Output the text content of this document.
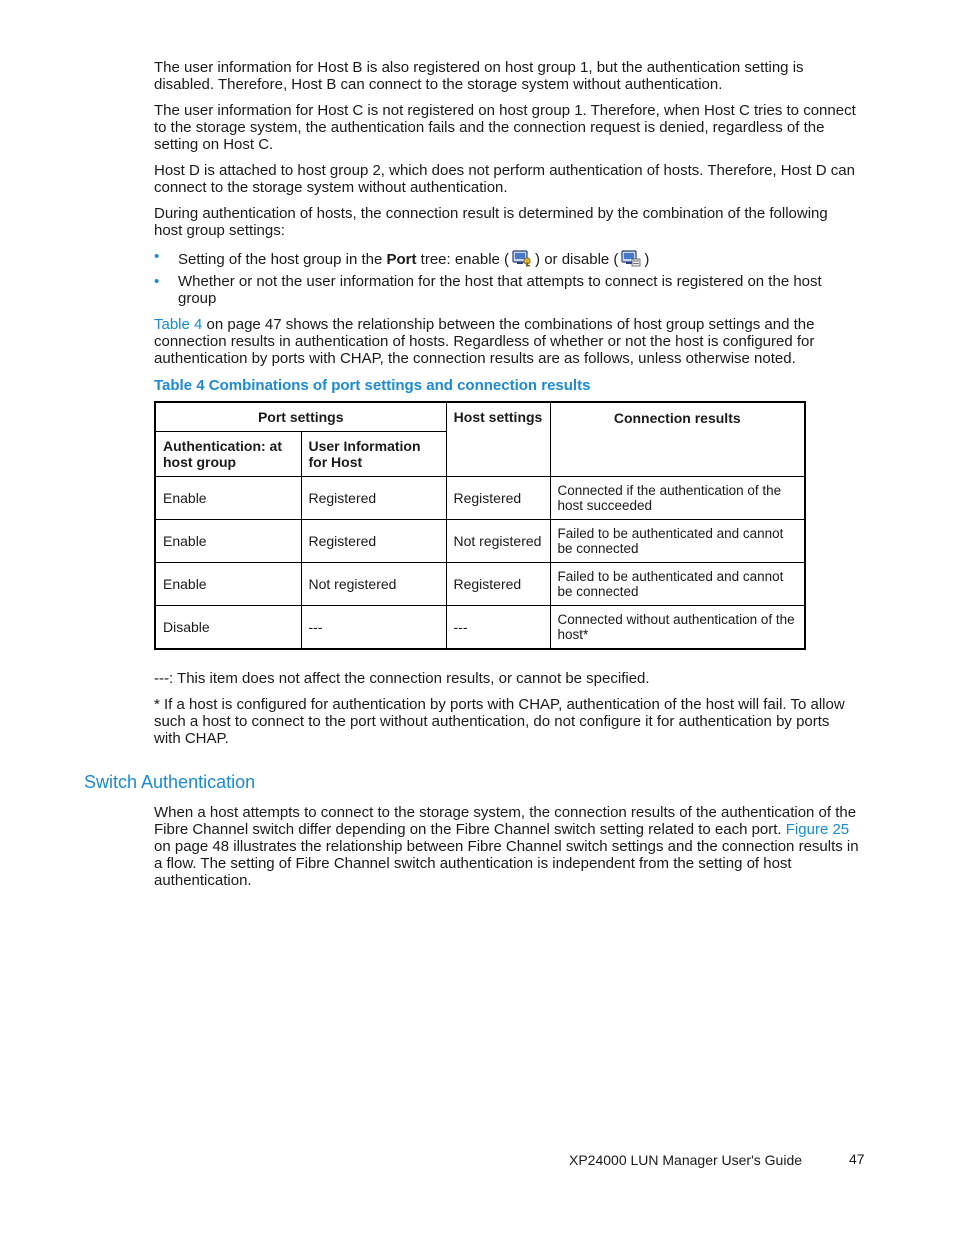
The user information for Host B is also registered on host group 1, but the authentication setting is disabled. Therefore, Host B can connect to the storage system without authentication.

The user information for Host C is not registered on host group 1. Therefore, when Host C tries to connect to the storage system, the authentication fails and the connection request is denied, regardless of the setting on Host C.

Host D is attached to host group 2, which does not perform authentication of hosts. Therefore, Host D can connect to the storage system without authentication.

During authentication of hosts, the connection result is determined by the combination of the following host group settings:

• Setting of the host group in the Port tree: enable ( ) or disable ( )
• Whether or not the user information for the host that attempts to connect is registered on the host group

Table 4 on page 47 shows the relationship between the combinations of host group settings and the connection results in authentication of hosts. Regardless of whether or not the host is configured for authentication by ports with CHAP, the connection results are as follows, unless otherwise noted.

Table 4 Combinations of port settings and connection results
Port settings		Host settings	Connection results
Authentication: at host group	User Information for Host		
Enable	Registered	Registered	Connected if the authentication of the host succeeded
Enable	Registered	Not registered	Failed to be authenticated and cannot be connected
Enable	Not registered	Registered	Failed to be authenticated and cannot be connected
Disable	---	---	Connected without authentication of the host*

---: This item does not affect the connection results, or cannot be specified.

* If a host is configured for authentication by ports with CHAP, authentication of the host will fail. To allow such a host to connect to the port without authentication, do not configure it for authentication by ports with CHAP.

Switch Authentication

When a host attempts to connect to the storage system, the connection results of the authentication of the Fibre Channel switch differ depending on the Fibre Channel switch setting related to each port. Figure 25 on page 48 illustrates the relationship between Fibre Channel switch settings and the connection results in a flow. The setting of Fibre Channel switch authentication is independent from the setting of host authentication.

XP24000 LUN Manager User's Guide	47
